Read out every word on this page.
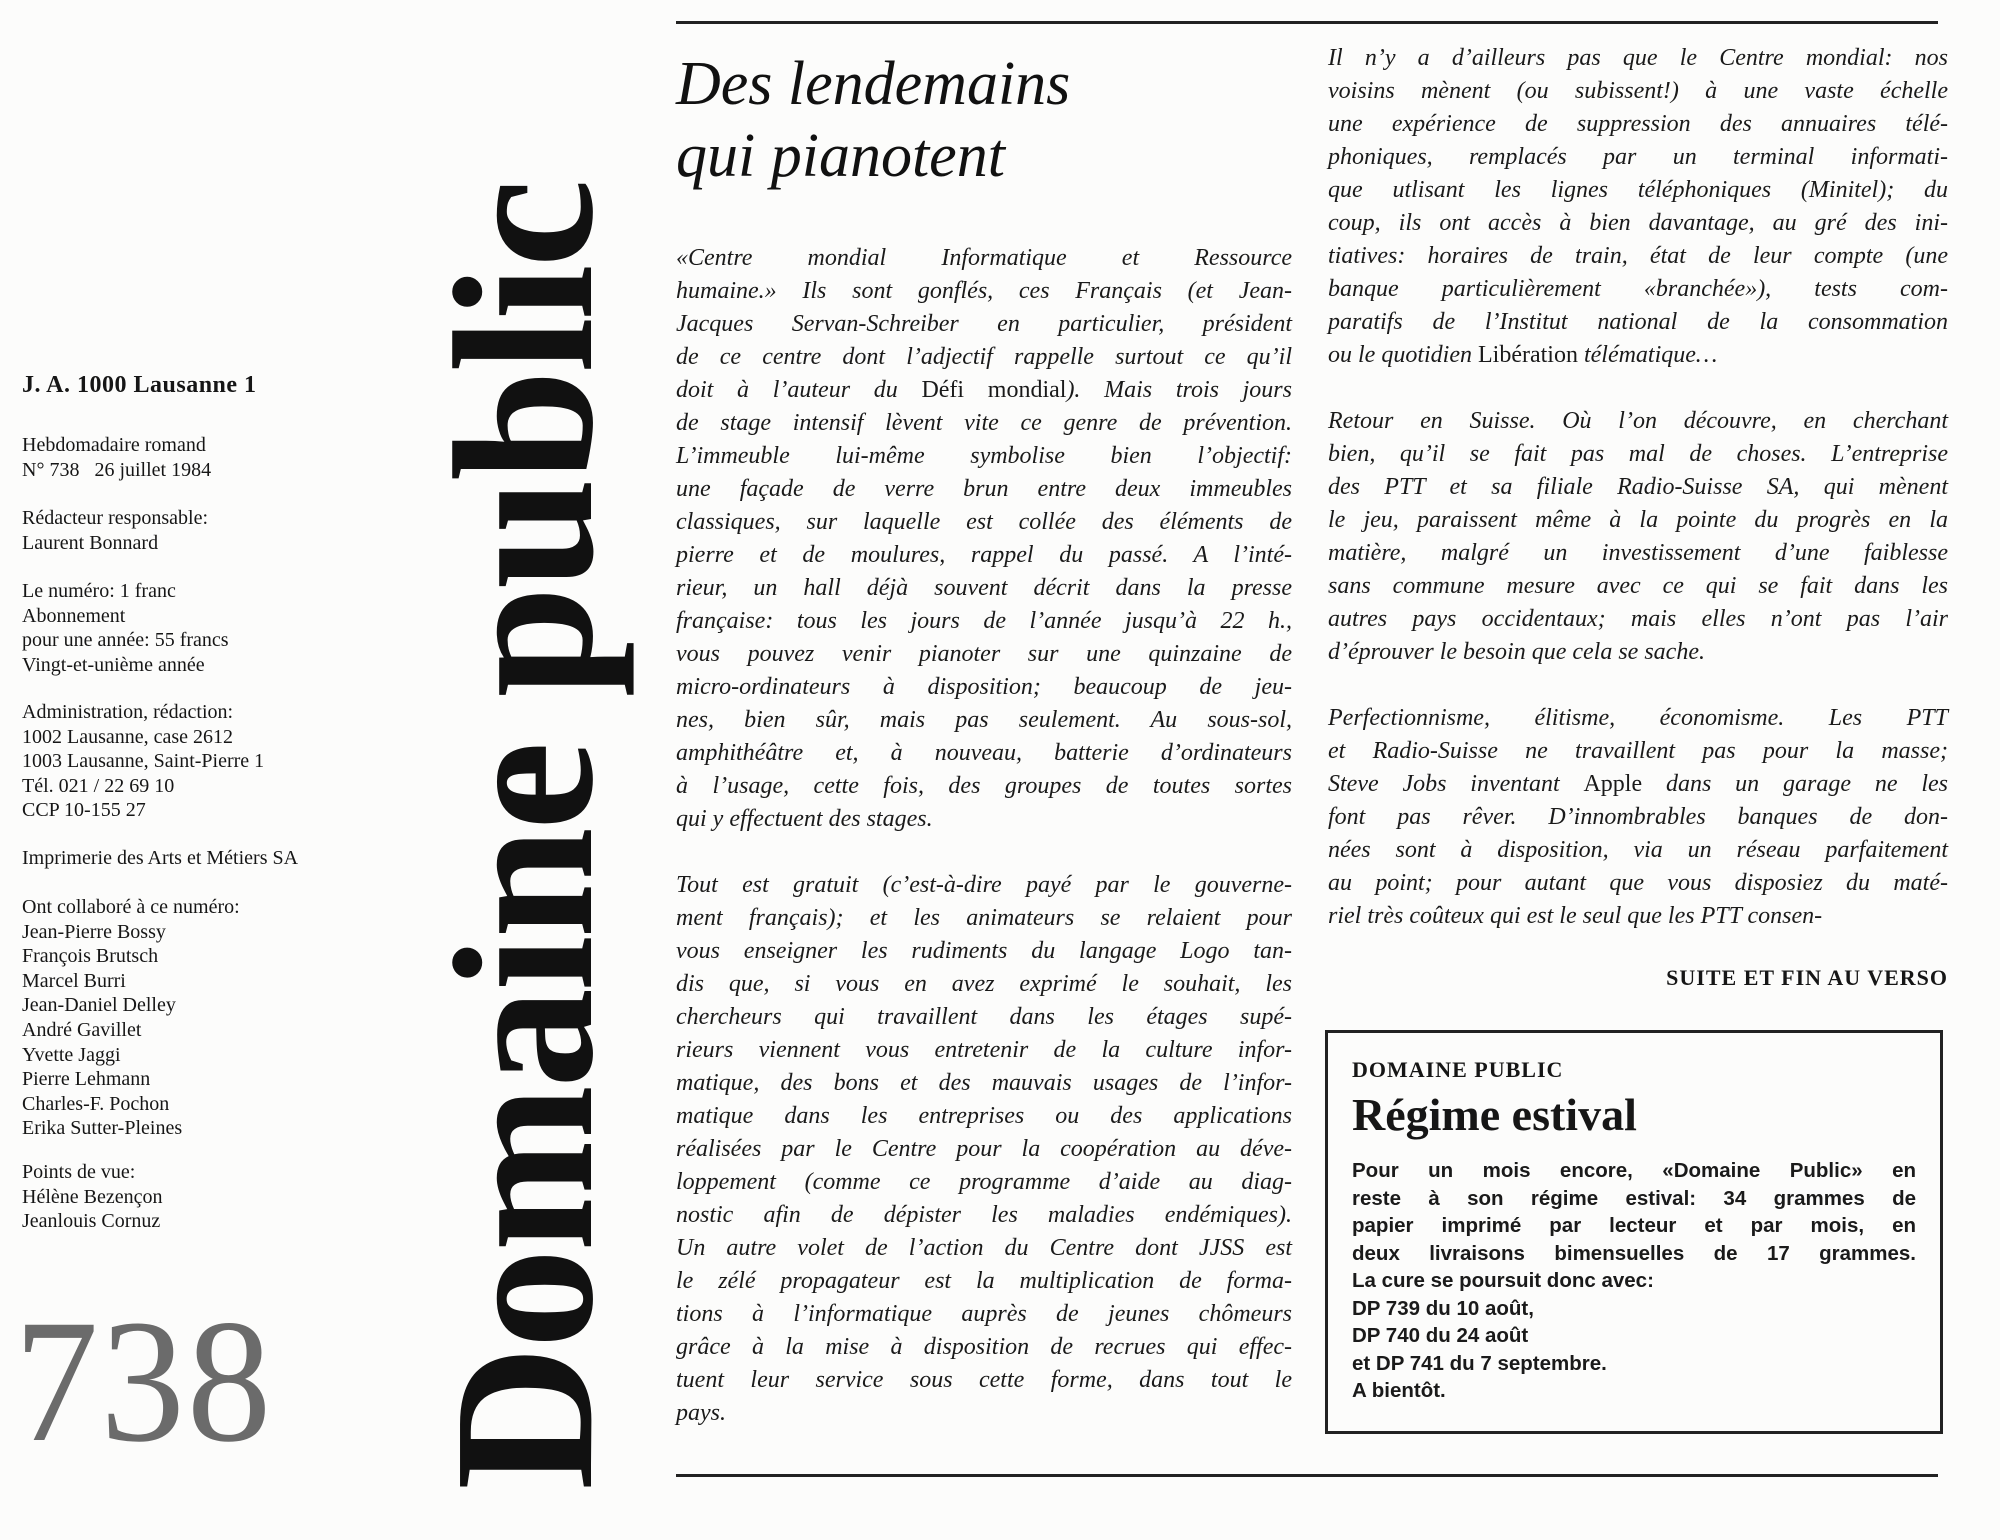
J. A. 1000 Lausanne 1
Hebdomadaire romand
N° 738   26 juillet 1984
Rédacteur responsable:
Laurent Bonnard
Le numéro: 1 franc
Abonnement
pour une année: 55 francs
Vingt-et-unième année
Administration, rédaction:
1002 Lausanne, case 2612
1003 Lausanne, Saint-Pierre 1
Tél. 021 / 22 69 10
CCP 10-155 27
Imprimerie des Arts et Métiers SA
Ont collaboré à ce numéro:
Jean-Pierre Bossy
François Brutsch
Marcel Burri
Jean-Daniel Delley
André Gavillet
Yvette Jaggi
Pierre Lehmann
Charles-F. Pochon
Erika Sutter-Pleines
Points de vue:
Hélène Bezençon
Jeanlouis Cornuz
738 Domaine public
Des lendemains
qui pianotent
«Centre mondial Informatique et Ressource
humaine.» Ils sont gonflés, ces Français (et Jean-
Jacques Servan-Schreiber en particulier, président
de ce centre dont l’adjectif rappelle surtout ce qu’il
doit à l’auteur du Défi mondial). Mais trois jours
de stage intensif lèvent vite ce genre de prévention.
L’immeuble lui-même symbolise bien l’objectif:
une façade de verre brun entre deux immeubles
classiques, sur laquelle est collée des éléments de
pierre et de moulures, rappel du passé. A l’inté-
rieur, un hall déjà souvent décrit dans la presse
française: tous les jours de l’année jusqu’à 22 h.,
vous pouvez venir pianoter sur une quinzaine de
micro-ordinateurs à disposition; beaucoup de jeu-
nes, bien sûr, mais pas seulement. Au sous-sol,
amphithéâtre et, à nouveau, batterie d’ordinateurs
à l’usage, cette fois, des groupes de toutes sortes
qui y effectuent des stages.
Tout est gratuit (c’est-à-dire payé par le gouverne-
ment français); et les animateurs se relaient pour
vous enseigner les rudiments du langage Logo tan-
dis que, si vous en avez exprimé le souhait, les
chercheurs qui travaillent dans les étages supé-
rieurs viennent vous entretenir de la culture infor-
matique, des bons et des mauvais usages de l’infor-
matique dans les entreprises ou des applications
réalisées par le Centre pour la coopération au déve-
loppement (comme ce programme d’aide au diag-
nostic afin de dépister les maladies endémiques).
Un autre volet de l’action du Centre dont JJSS est
le zélé propagateur est la multiplication de forma-
tions à l’informatique auprès de jeunes chômeurs
grâce à la mise à disposition de recrues qui effec-
tuent leur service sous cette forme, dans tout le
pays.
Il n’y a d’ailleurs pas que le Centre mondial: nos
voisins mènent (ou subissent!) à une vaste échelle
une expérience de suppression des annuaires télé-
phoniques, remplacés par un terminal informati-
que utlisant les lignes téléphoniques (Minitel); du
coup, ils ont accès à bien davantage, au gré des ini-
tiatives: horaires de train, état de leur compte (une
banque particulièrement «branchée»), tests com-
paratifs de l’Institut national de la consommation
ou le quotidien Libération télématique…
Retour en Suisse. Où l’on découvre, en cherchant
bien, qu’il se fait pas mal de choses. L’entreprise
des PTT et sa filiale Radio-Suisse SA, qui mènent
le jeu, paraissent même à la pointe du progrès en la
matière, malgré un investissement d’une faiblesse
sans commune mesure avec ce qui se fait dans les
autres pays occidentaux; mais elles n’ont pas l’air
d’éprouver le besoin que cela se sache.
Perfectionnisme, élitisme, économisme. Les PTT
et Radio-Suisse ne travaillent pas pour la masse;
Steve Jobs inventant Apple dans un garage ne les
font pas rêver. D’innombrables banques de don-
nées sont à disposition, via un réseau parfaitement
au point; pour autant que vous disposiez du maté-
riel très coûteux qui est le seul que les PTT consen-
SUITE ET FIN AU VERSO
DOMAINE PUBLIC
Régime estival
Pour un mois encore, «Domaine Public» en
reste à son régime estival: 34 grammes de
papier imprimé par lecteur et par mois, en
deux livraisons bimensuelles de 17 grammes.
La cure se poursuit donc avec:
DP 739 du 10 août,
DP 740 du 24 août
et DP 741 du 7 septembre.
A bientôt.
